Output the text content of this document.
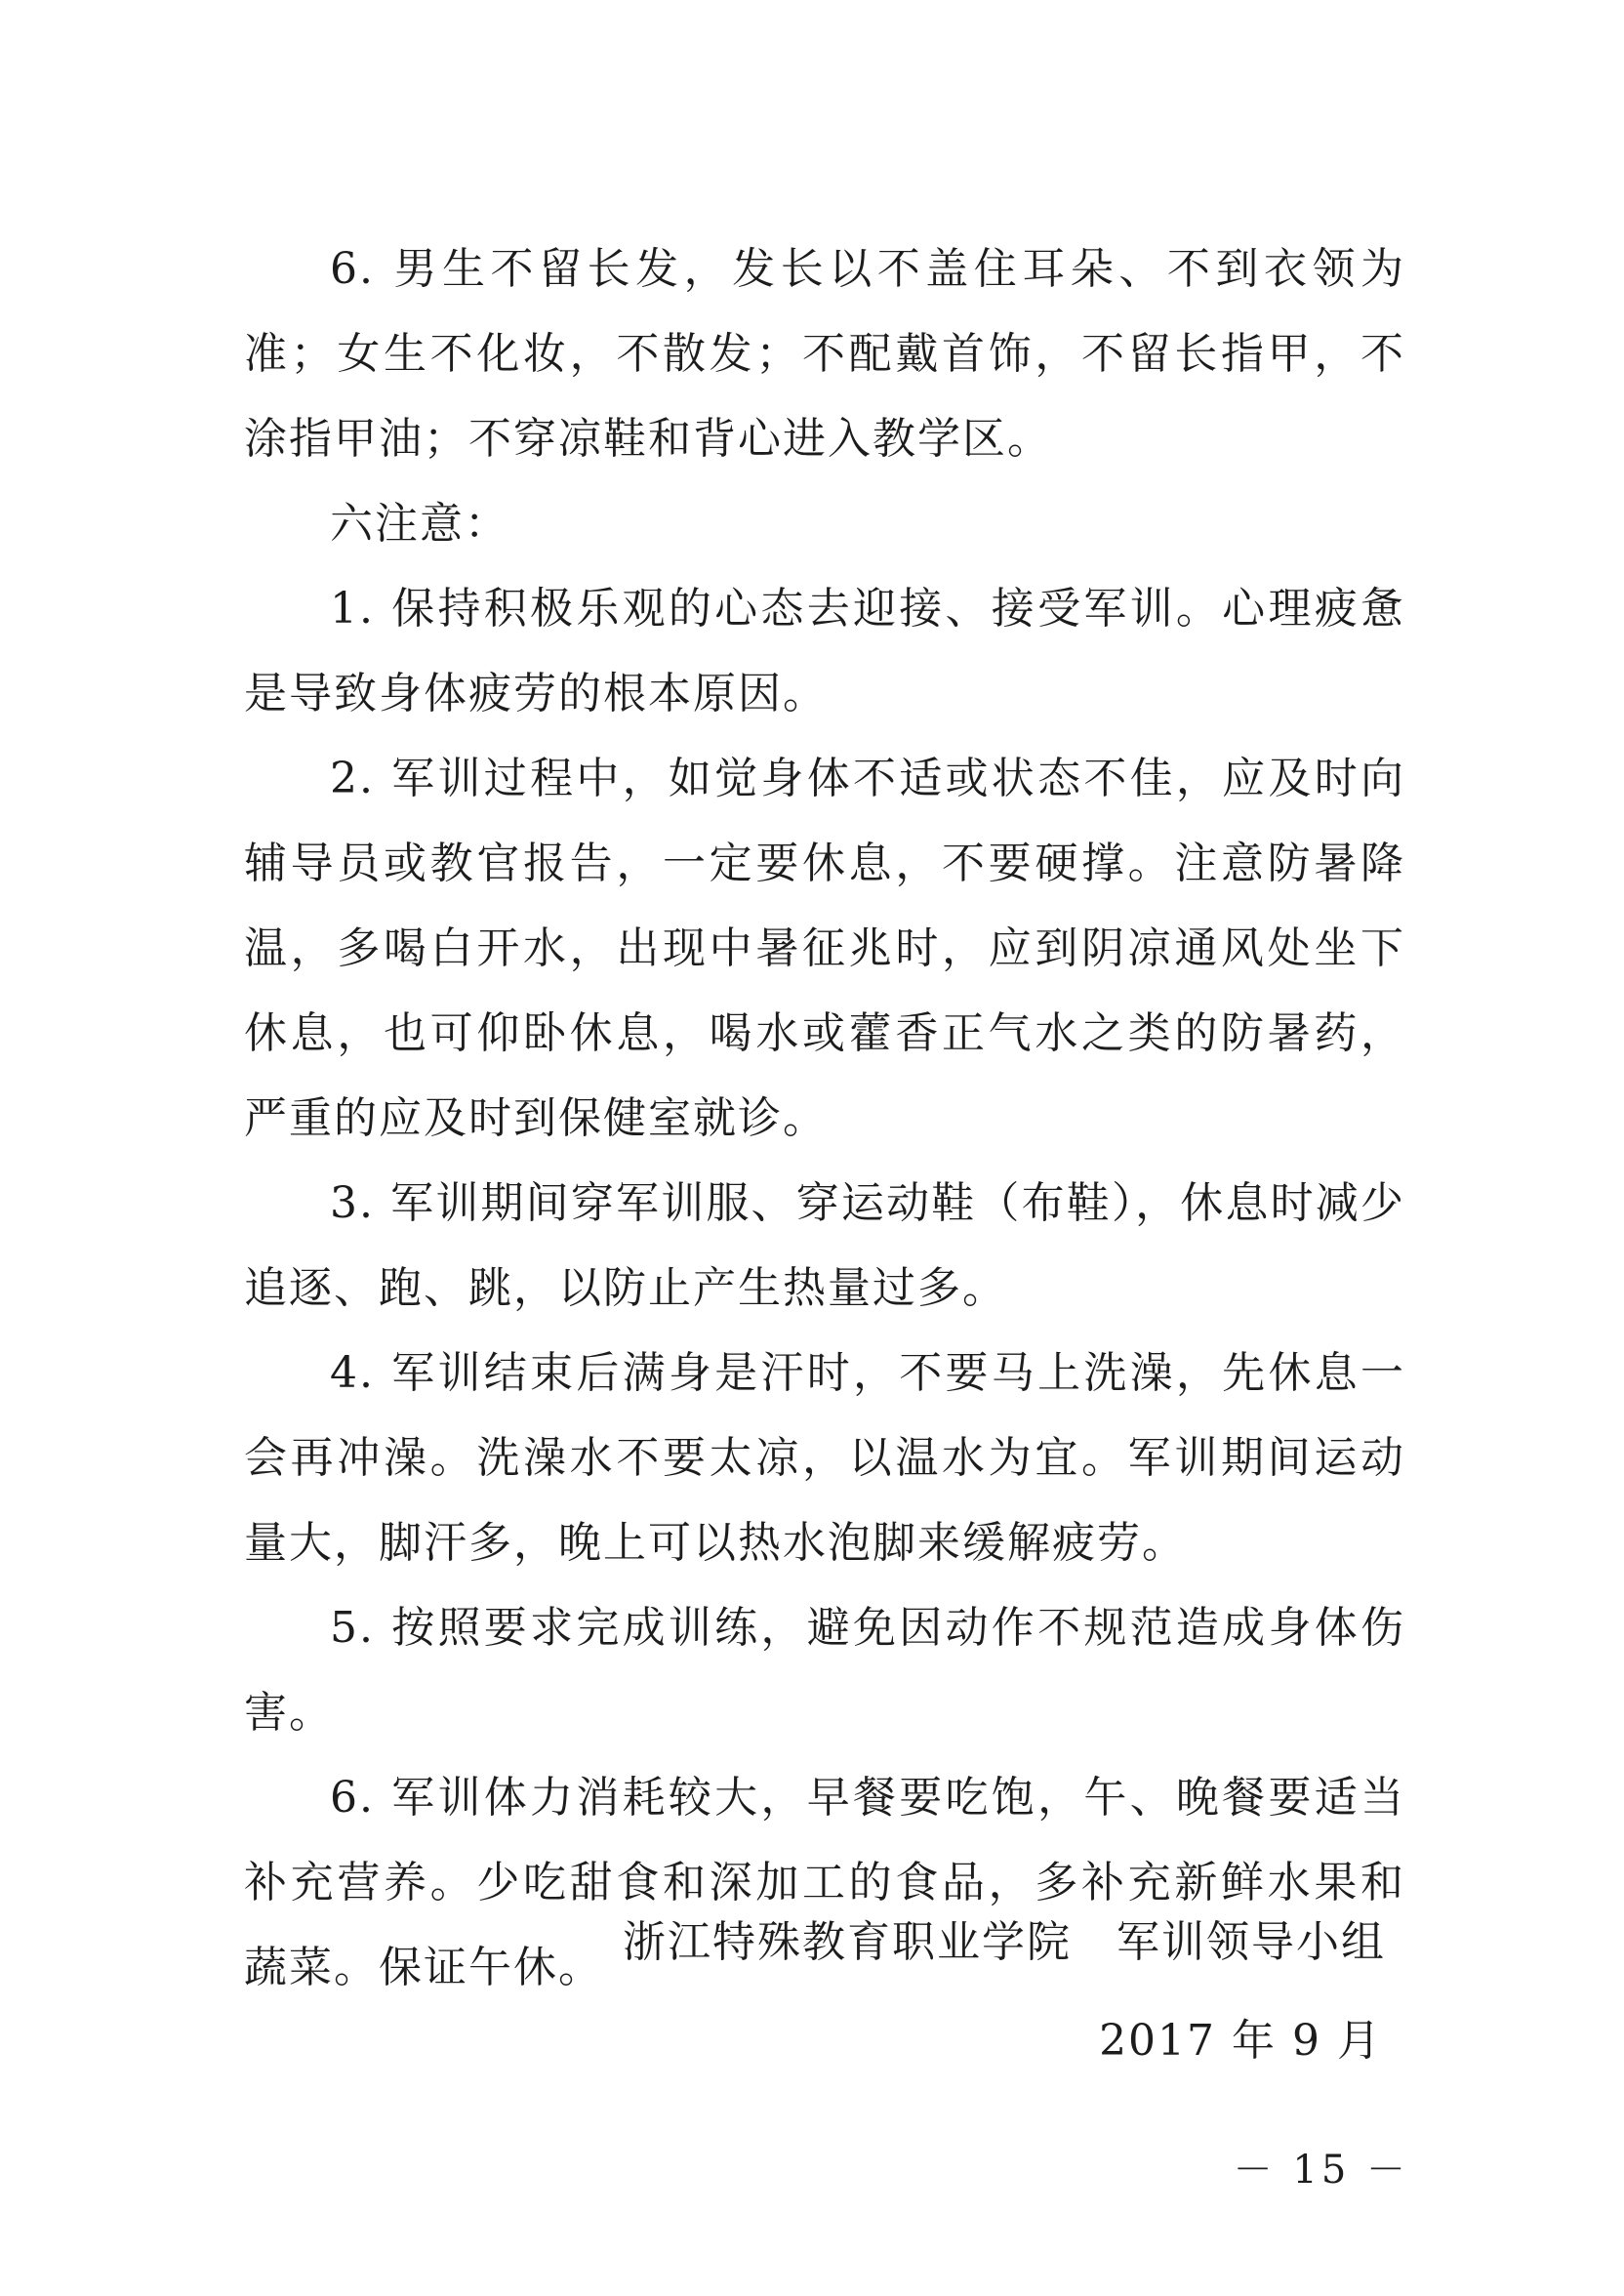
6. 男生不留长发，发长以不盖住耳朵、不到衣领为准；女生不化妆，不散发；不配戴首饰，不留长指甲，不涂指甲油；不穿凉鞋和背心进入教学区。

六注意：

1. 保持积极乐观的心态去迎接、接受军训。心理疲惫是导致身体疲劳的根本原因。

2. 军训过程中，如觉身体不适或状态不佳，应及时向辅导员或教官报告，一定要休息，不要硬撑。注意防暑降温，多喝白开水，出现中暑征兆时，应到阴凉通风处坐下休息，也可仰卧休息，喝水或藿香正气水之类的防暑药，严重的应及时到保健室就诊。

3. 军训期间穿军训服、穿运动鞋（布鞋），休息时减少追逐、跑、跳，以防止产生热量过多。

4. 军训结束后满身是汗时，不要马上洗澡，先休息一会再冲澡。洗澡水不要太凉，以温水为宜。军训期间运动量大，脚汗多，晚上可以热水泡脚来缓解疲劳。

5. 按照要求完成训练，避免因动作不规范造成身体伤害。

6. 军训体力消耗较大，早餐要吃饱，午、晚餐要适当补充营养。少吃甜食和深加工的食品，多补充新鲜水果和蔬菜。保证午休。

浙江特殊教育职业学院　军训领导小组

2017 年 9 月

－ 15 －
